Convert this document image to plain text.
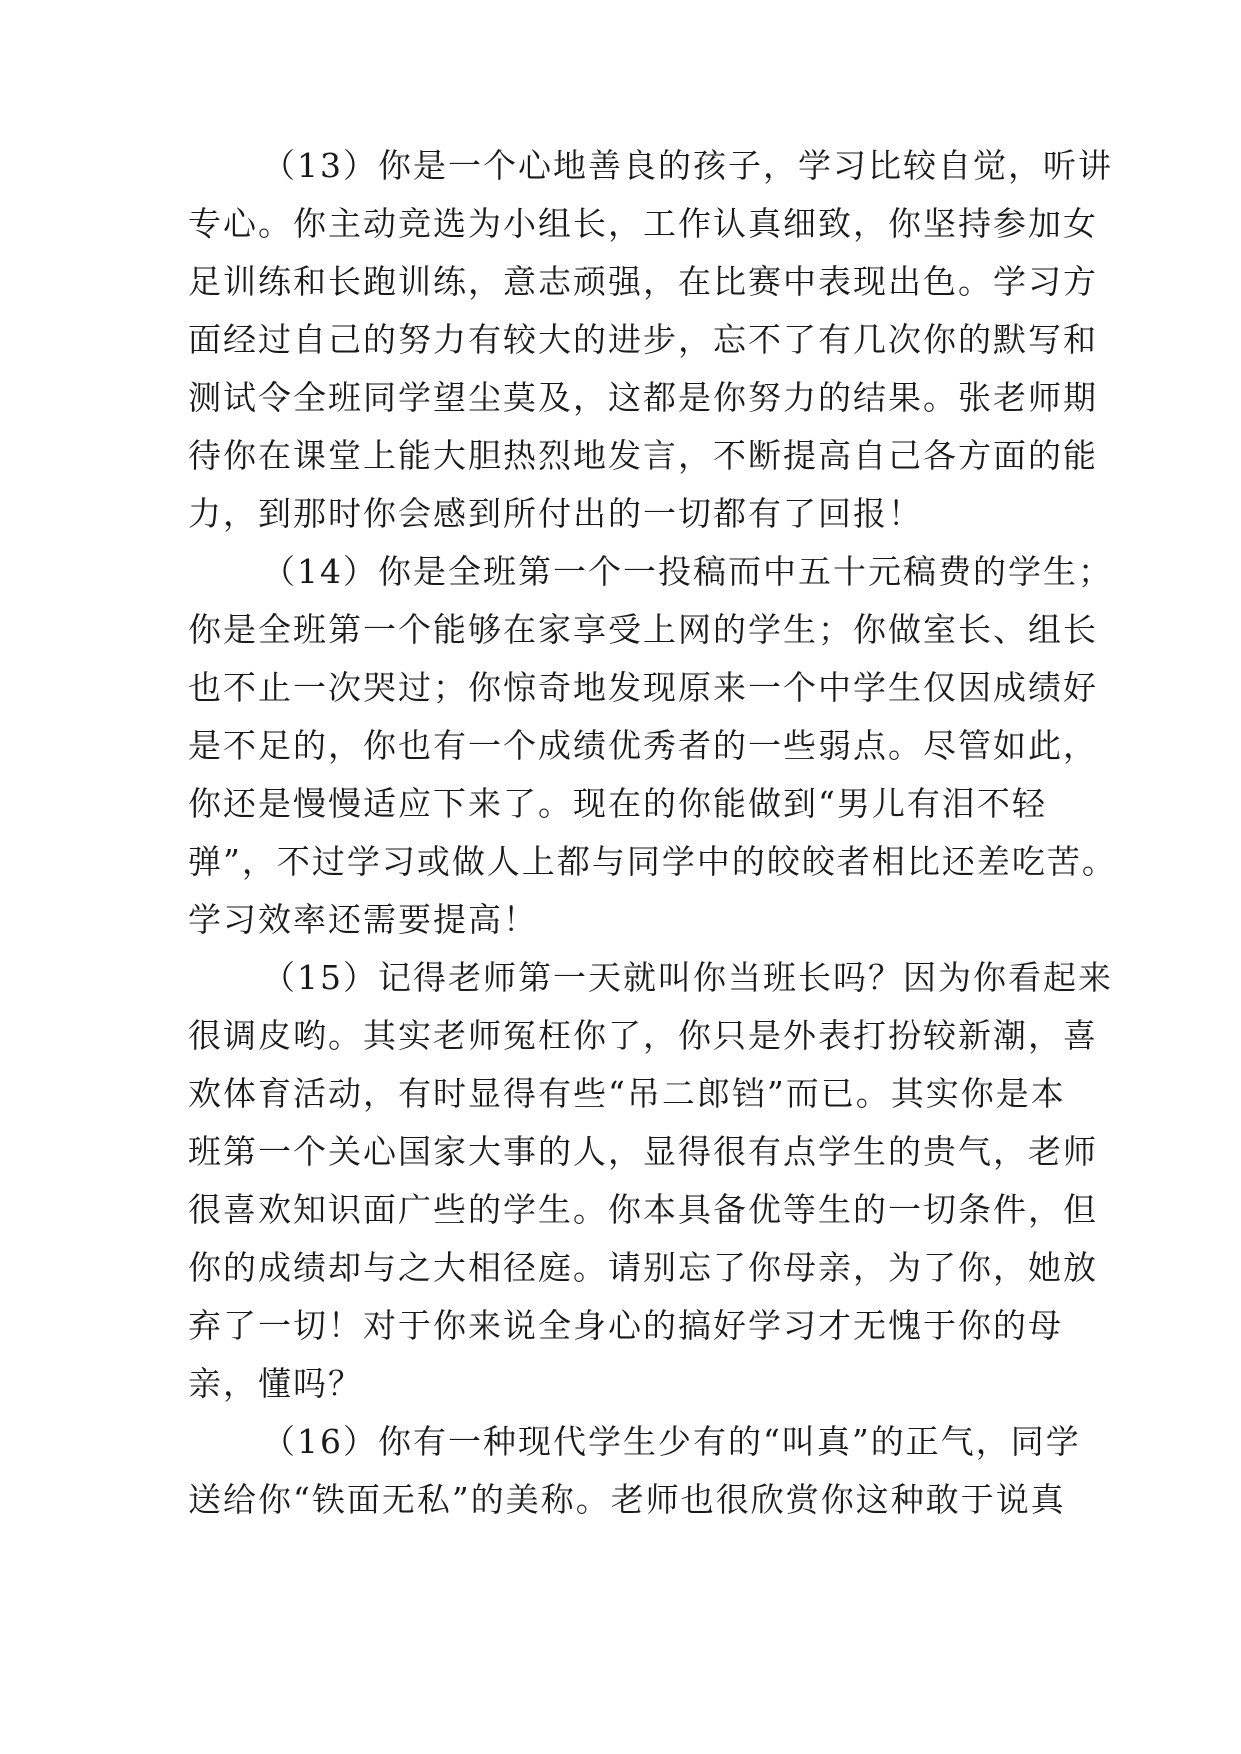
（13）你是一个心地善良的孩子，学习比较自觉，听讲
专心。你主动竞选为小组长，工作认真细致，你坚持参加女
足训练和长跑训练，意志顽强，在比赛中表现出色。学习方
面经过自己的努力有较大的进步，忘不了有几次你的默写和
测试令全班同学望尘莫及，这都是你努力的结果。张老师期
待你在课堂上能大胆热烈地发言，不断提高自己各方面的能
力，到那时你会感到所付出的一切都有了回报！
（14）你是全班第一个一投稿而中五十元稿费的学生；
你是全班第一个能够在家享受上网的学生；你做室长、组长
也不止一次哭过；你惊奇地发现原来一个中学生仅因成绩好
是不足的，你也有一个成绩优秀者的一些弱点。尽管如此，
你还是慢慢适应下来了。现在的你能做到“男儿有泪不轻
弹”，不过学习或做人上都与同学中的皎皎者相比还差吃苦。
学习效率还需要提高！
（15）记得老师第一天就叫你当班长吗？因为你看起来
很调皮哟。其实老师冤枉你了，你只是外表打扮较新潮，喜
欢体育活动，有时显得有些“吊二郎铛”而已。其实你是本
班第一个关心国家大事的人，显得很有点学生的贵气，老师
很喜欢知识面广些的学生。你本具备优等生的一切条件，但
你的成绩却与之大相径庭。请别忘了你母亲，为了你，她放
弃了一切！对于你来说全身心的搞好学习才无愧于你的母
亲，懂吗？
（16）你有一种现代学生少有的“叫真”的正气，同学
送给你“铁面无私”的美称。老师也很欣赏你这种敢于说真
